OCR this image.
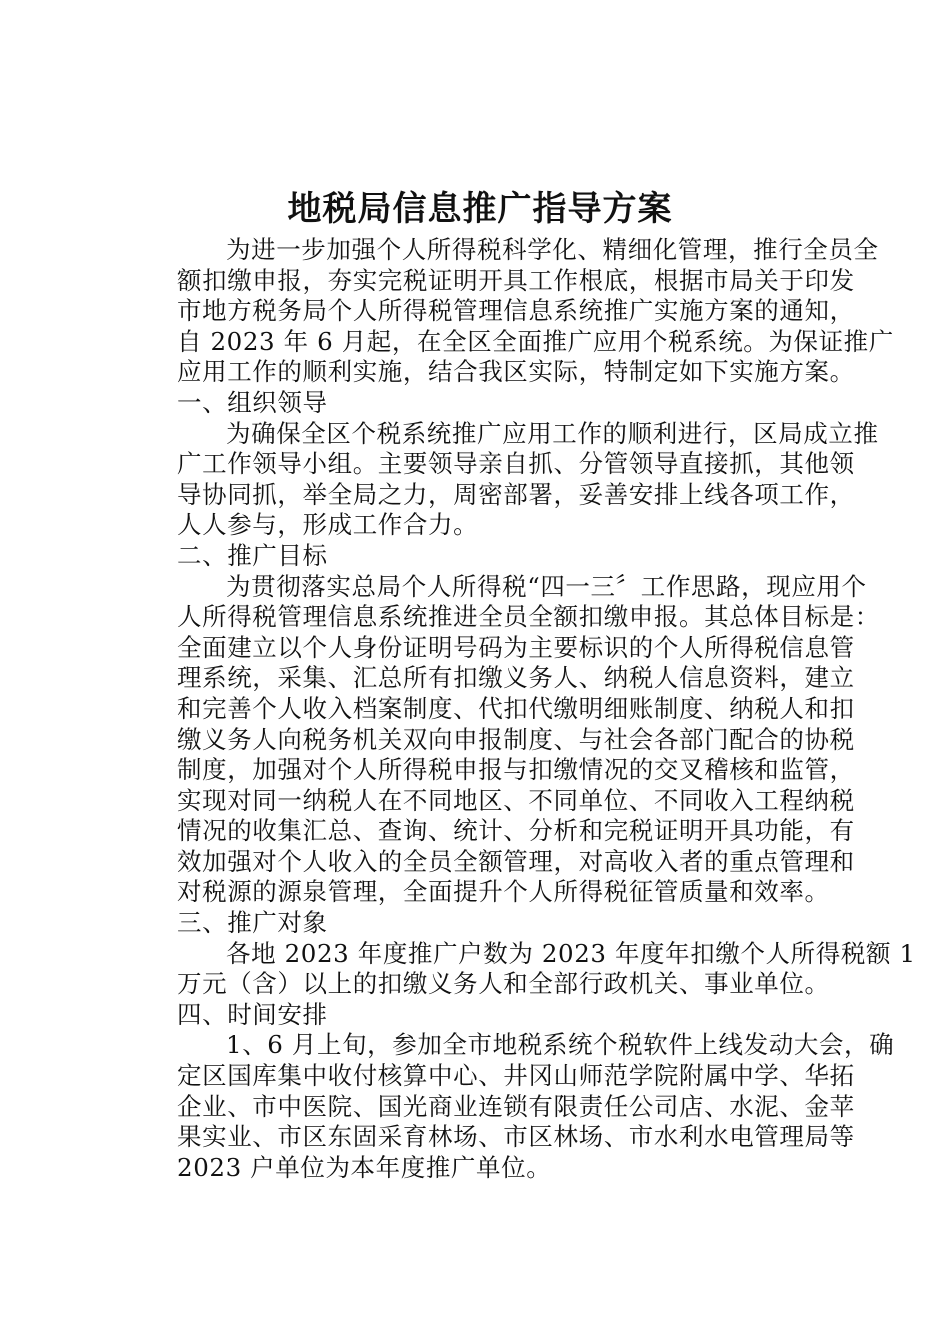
地税局信息推广指导方案

为进一步加强个人所得税科学化、精细化管理，推行全员全
额扣缴申报，夯实完税证明开具工作根底，根据市局关于印发
市地方税务局个人所得税管理信息系统推广实施方案的通知，
自 2023 年 6 月起，在全区全面推广应用个税系统。为保证推广
应用工作的顺利实施，结合我区实际，特制定如下实施方案。

一、组织领导

为确保全区个税系统推广应用工作的顺利进行，区局成立推
广工作领导小组。主要领导亲自抓、分管领导直接抓，其他领
导协同抓，举全局之力，周密部署，妥善安排上线各项工作，
人人参与，形成工作合力。

二、推广目标

为贯彻落实总局个人所得税“四一三〞工作思路，现应用个
人所得税管理信息系统推进全员全额扣缴申报。其总体目标是：
全面建立以个人身份证明号码为主要标识的个人所得税信息管
理系统，采集、汇总所有扣缴义务人、纳税人信息资料，建立
和完善个人收入档案制度、代扣代缴明细账制度、纳税人和扣
缴义务人向税务机关双向申报制度、与社会各部门配合的协税
制度，加强对个人所得税申报与扣缴情况的交叉稽核和监管，
实现对同一纳税人在不同地区、不同单位、不同收入工程纳税
情况的收集汇总、查询、统计、分析和完税证明开具功能，有
效加强对个人收入的全员全额管理，对高收入者的重点管理和
对税源的源泉管理，全面提升个人所得税征管质量和效率。

三、推广对象

各地 2023 年度推广户数为 2023 年度年扣缴个人所得税额 1
万元（含）以上的扣缴义务人和全部行政机关、事业单位。

四、时间安排

1、6 月上旬，参加全市地税系统个税软件上线发动大会，确
定区国库集中收付核算中心、井冈山师范学院附属中学、华拓
企业、市中医院、国光商业连锁有限责任公司店、水泥、金苹
果实业、市区东固采育林场、市区林场、市水利水电管理局等
2023 户单位为本年度推广单位。
